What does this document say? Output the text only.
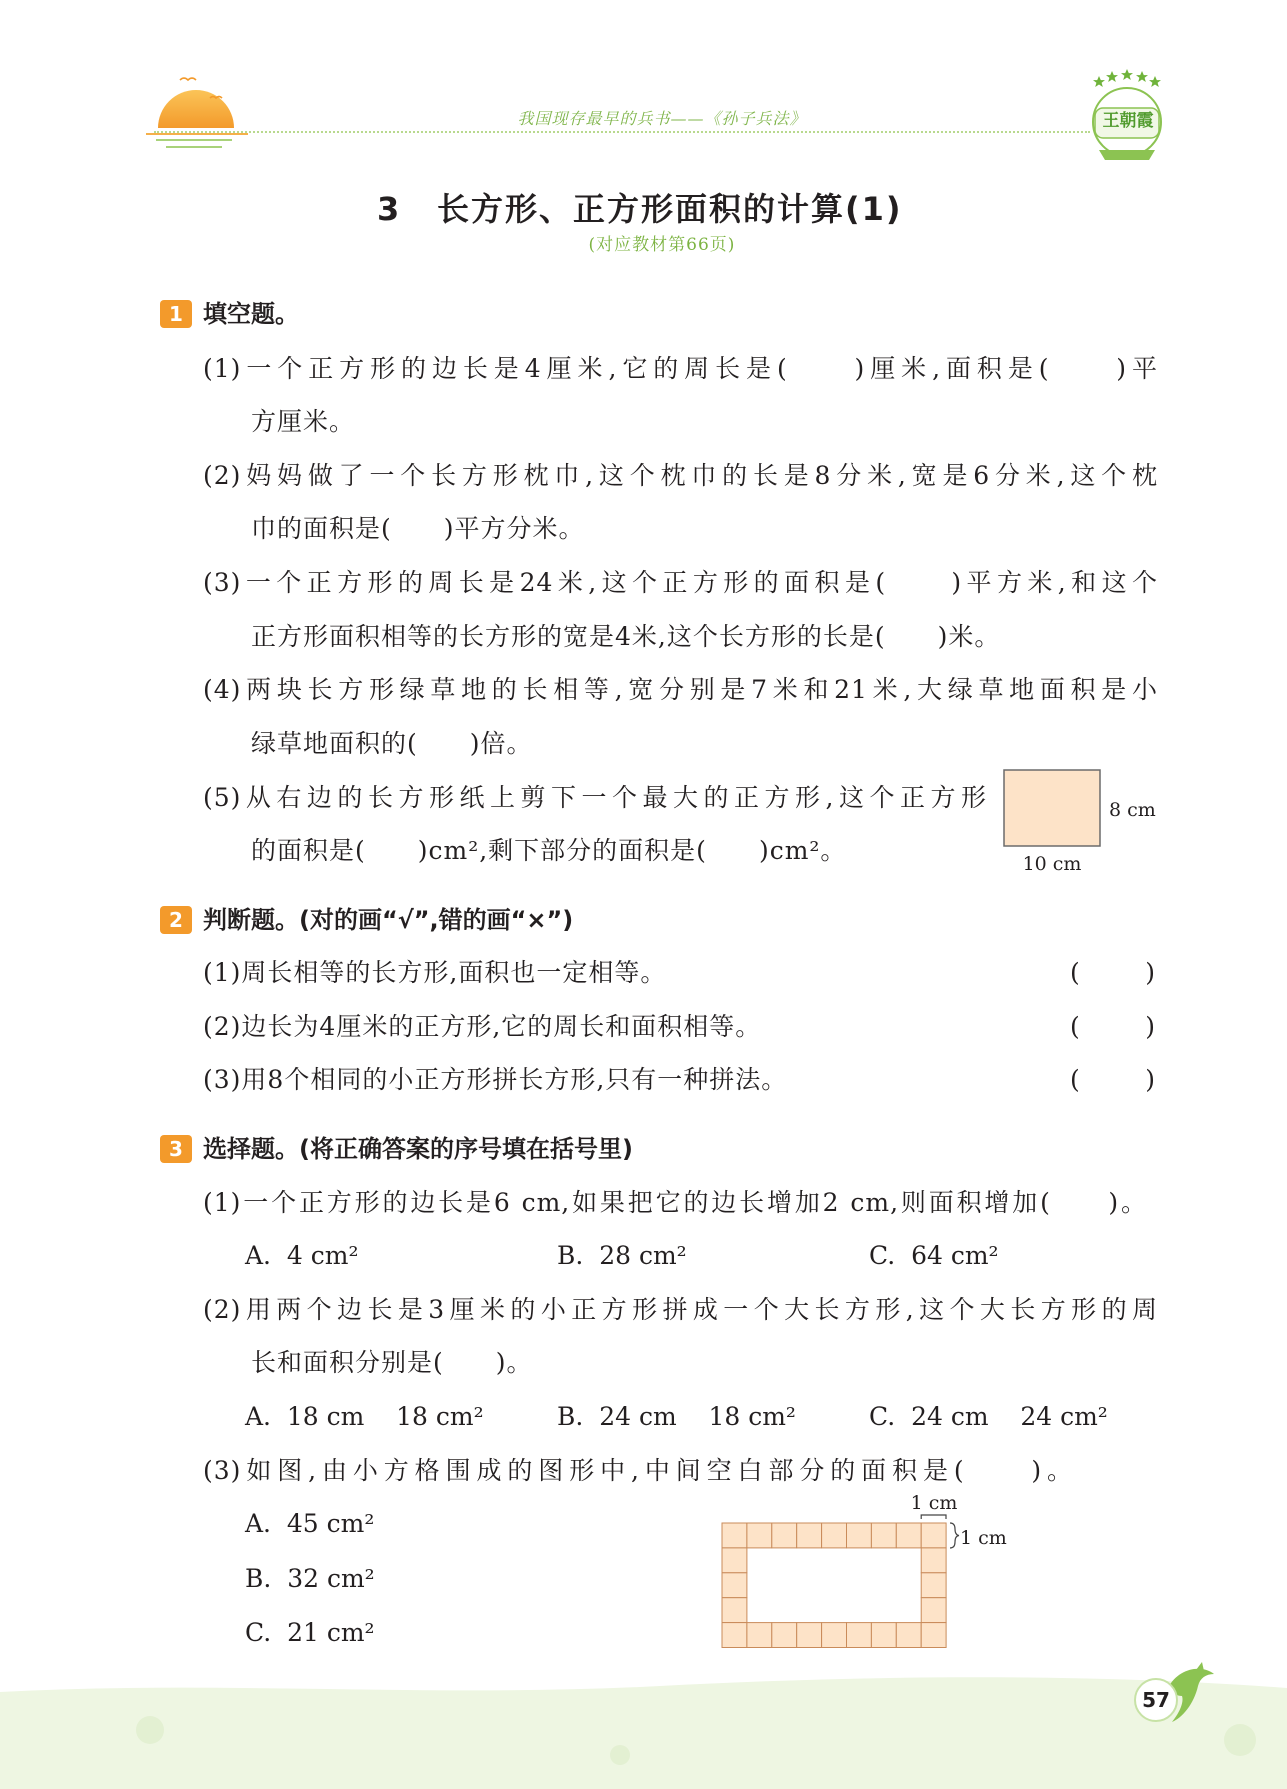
我国现存最早的兵书——《孙子兵法》	王朝霞
3 长方形、正方形面积的计算(1)
(对应教材第66页)
1 填空题。
(1)一个正方形的边长是4厘米,它的周长是(　　)厘米,面积是(　　)平
方厘米。
(2)妈妈做了一个长方形枕巾,这个枕巾的长是8分米,宽是6分米,这个枕
巾的面积是(　　)平方分米。
(3)一个正方形的周长是24米,这个正方形的面积是(　　)平方米,和这个
正方形面积相等的长方形的宽是4米,这个长方形的长是(　　)米。
(4)两块长方形绿草地的长相等,宽分别是7米和21米,大绿草地面积是小
绿草地面积的(　　)倍。
(5)从右边的长方形纸上剪下一个最大的正方形,这个正方形
的面积是(　　)cm²,剩下部分的面积是(　　)cm²。
8 cm
10 cm
2 判断题。(对的画“√”,错的画“×”)
(1)周长相等的长方形,面积也一定相等。	(　　)
(2)边长为4厘米的正方形,它的周长和面积相等。	(　　)
(3)用8个相同的小正方形拼长方形,只有一种拼法。	(　　)
3 选择题。(将正确答案的序号填在括号里)
(1)一个正方形的边长是6 cm,如果把它的边长增加2 cm,则面积增加(　　)。
A.  4 cm²	B.  28 cm²	C.  64 cm²
(2)用两个边长是3厘米的小正方形拼成一个大长方形,这个大长方形的周
长和面积分别是(　　)。
A.  18 cm    18 cm²	B.  24 cm    18 cm²	C.  24 cm    24 cm²
(3)如图,由小方格围成的图形中,中间空白部分的面积是(　　)。
A.  45 cm²
B.  32 cm²
C.  21 cm²
1 cm
1 cm
57
